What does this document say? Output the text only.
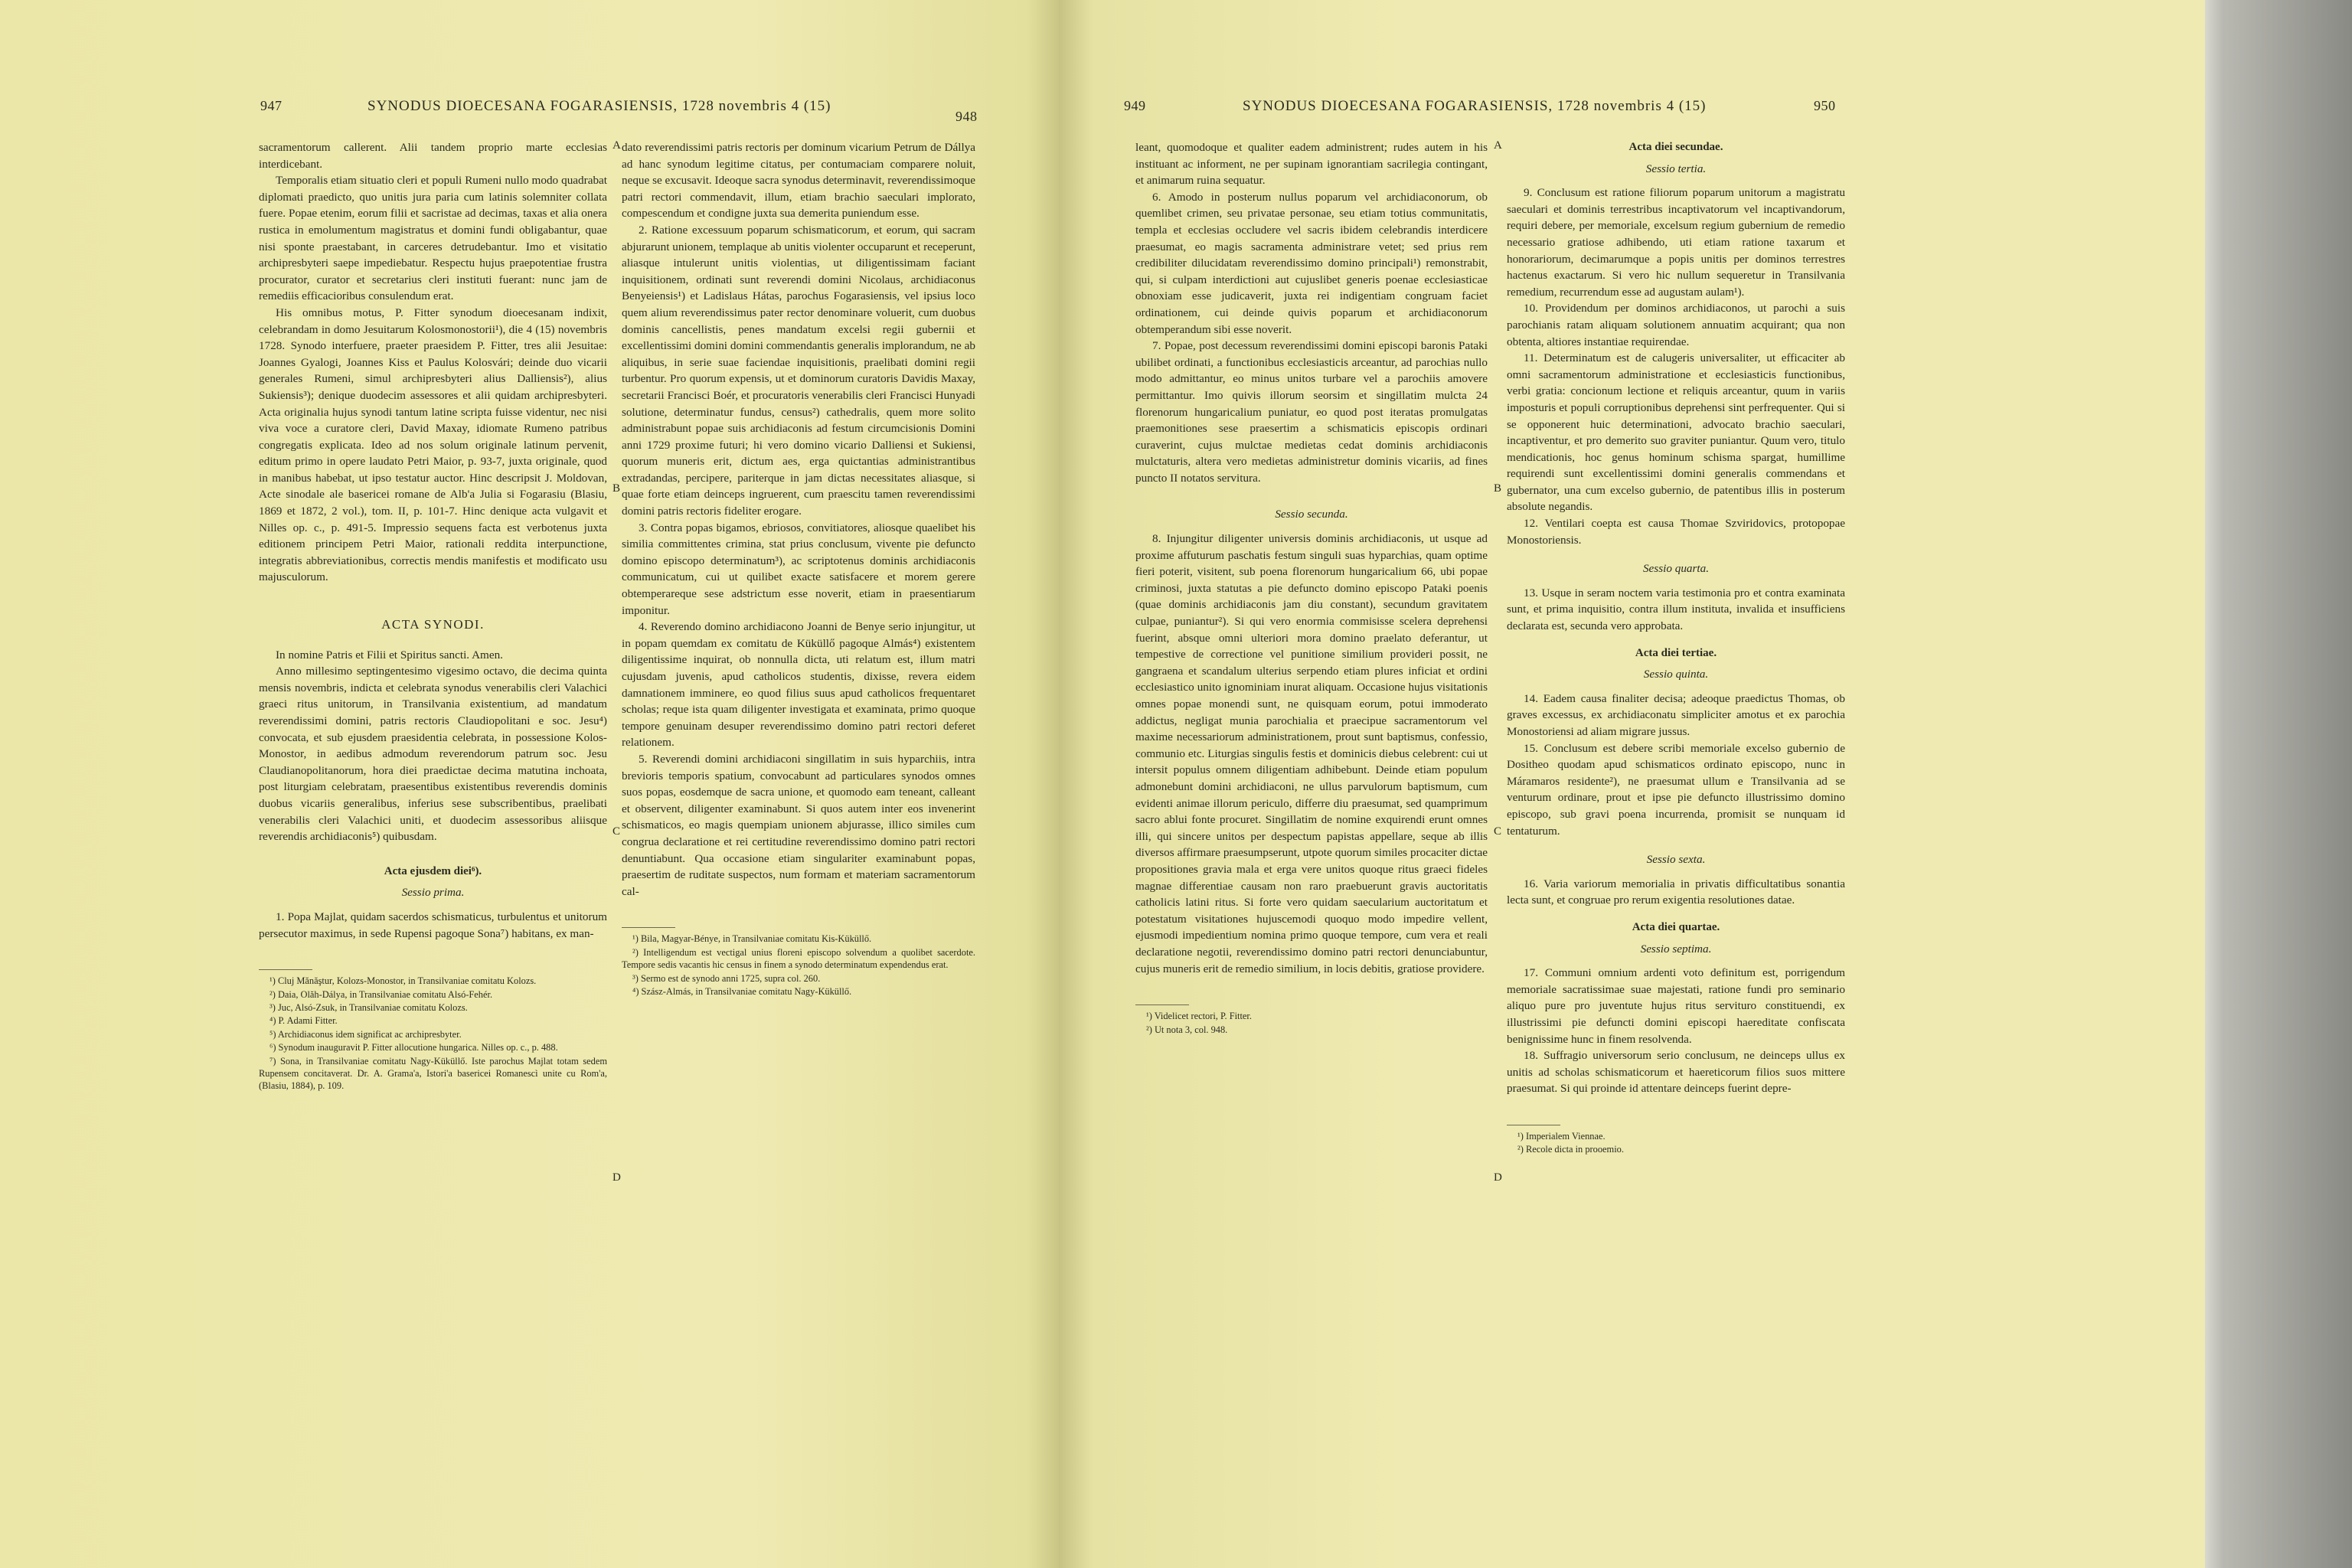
947	SYNODUS DIOECESANA FOGARASIENSIS, 1728 novembris 4 (15)
948

sacramentorum callerent. Alii tandem proprio marte ecclesias interdicebant.

Temporalis etiam situatio cleri et populi Rumeni nullo modo quadrabat diplomati praedicto, quo unitis jura paria cum latinis solemniter collata fuere. Popae etenim, eorum filii et sacristae ad decimas, taxas et alia onera rustica in emolumentum magistratus et domini fundi obligabantur, quae nisi sponte praestabant, in carceres detrudebantur. Imo et visitatio archipresbyteri saepe impediebatur. Respectu hujus praepotentiae frustra procurator, curator et secretarius cleri instituti fuerant: nunc jam de remediis efficacioribus consulendum erat.

His omnibus motus, P. Fitter synodum dioecesanam indixit, celebrandam in domo Jesuitarum Kolosmonostorii¹), die 4 (15) novembris 1728. Synodo interfuere, praeter praesidem P. Fitter, tres alii Jesuitae: Joannes Gyalogi, Joannes Kiss et Paulus Kolosvári; deinde duo vicarii generales Rumeni, simul archipresbyteri alius Dalliensis²), alius Sukiensis³); denique duodecim assessores et alii quidam archipresbyteri. Acta originalia hujus synodi tantum latine scripta fuisse videntur, nec nisi viva voce a curatore cleri, David Maxay, idiomate Rumeno patribus congregatis explicata. Ideo ad nos solum originale latinum pervenit, editum primo in opere laudato Petri Maior, p. 93-7, juxta originale, quod in manibus habebat, ut ipso testatur auctor. Hinc descripsit J. Moldovan, Acte sinodale ale basericei romane de Alb'a Julia si Fogarasiu (Blasiu, 1869 et 1872, 2 vol.), tom. II, p. 101-7. Hinc denique acta vulgavit et Nilles op. c., p. 491-5. Impressio sequens facta est verbotenus juxta editionem principem Petri Maior, rationali reddita interpunctione, integratis abbreviationibus, correctis mendis manifestis et modificato usu majusculorum.

ACTA SYNODI.

In nomine Patris et Filii et Spiritus sancti. Amen.

Anno millesimo septingentesimo vigesimo octavo, die decima quinta mensis novembris, indicta et celebrata synodus venerabilis cleri Valachici graeci ritus unitorum, in Transilvania existentium, ad mandatum reverendissimi domini, patris rectoris Claudiopolitani e soc. Jesu⁴) convocata, et sub ejusdem praesidentia celebrata, in possessione Kolos-Monostor, in aedibus admodum reverendorum patrum soc. Jesu Claudianopolitanorum, hora diei praedictae decima matutina inchoata, post liturgiam celebratam, praesentibus existentibus reverendis dominis duobus vicariis generalibus, inferius sese subscribentibus, praelibati venerabilis cleri Valachici uniti, et duodecim assessoribus aliisque reverendis archidiaconis⁵) quibusdam.

Acta ejusdem diei⁶).
Sessio prima.

1. Popa Majlat, quidam sacerdos schismaticus, turbulentus et unitorum persecutor maximus, in sede Rupensi pagoque Sona⁷) habitans, ex man-

¹) Cluj Mănăştur, Kolozs-Monostor, in Transilvaniae comitatu Kolozs.

²) Daia, Olăh-Dálya, in Transilvaniae comitatu Alsó-Fehér.

³) Juc, Alsó-Zsuk, in Transilvaniae comitatu Kolozs.

⁴) P. Adami Fitter.

⁵) Archidiaconus idem significat ac archipresbyter.

⁶) Synodum inauguravit P. Fitter allocutione hungarica. Nilles op. c., p. 488.

⁷) Sona, in Transilvaniae comitatu Nagy-Küküllő. Iste parochus Majlat totam sedem Rupensem concitaverat. Dr. A. Grama'a, Istori'a basericei Romanescì unite cu Rom'a, (Blasiu, 1884), p. 109.

A
B
C
D

dato reverendissimi patris rectoris per dominum vicarium Petrum de Dállya ad hanc synodum legitime citatus, per contumaciam comparere noluit, neque se excusavit. Ideoque sacra synodus determinavit, reverendissimoque patri rectori commendavit, illum, etiam brachio saeculari implorato, compescendum et condigne juxta sua demerita puniendum esse.

2. Ratione excessuum poparum schismaticorum, et eorum, qui sacram abjurarunt unionem, templaque ab unitis violenter occuparunt et receperunt, aliasque intulerunt unitis violentias, ut diligentissimam faciant inquisitionem, ordinati sunt reverendi domini Nicolaus, archidiaconus Benyeiensis¹) et Ladislaus Hátas, parochus Fogarasiensis, vel ipsius loco quem alium reverendissimus pater rector denominare voluerit, cum duobus dominis cancellistis, penes mandatum excelsi regii gubernii et excellentissimi domini domini commendantis generalis implorandum, ne ab aliquibus, in serie suae faciendae inquisitionis, praelibati domini regii turbentur. Pro quorum expensis, ut et dominorum curatoris Davidis Maxay, secretarii Francisci Boér, et procuratoris venerabilis cleri Francisci Hunyadi solutione, determinatur fundus, census²) cathedralis, quem more solito administrabunt popae suis archidiaconis ad festum circumcisionis Domini anni 1729 proxime futuri; hi vero domino vicario Dalliensi et Sukiensi, quorum muneris erit, dictum aes, erga quictantias administrantibus extradandas, percipere, pariterque in jam dictas necessitates aliasque, si quae forte etiam deinceps ingruerent, cum praescitu tamen reverendissimi domini patris rectoris fideliter erogare.

3. Contra popas bigamos, ebriosos, convitiatores, aliosque quaelibet his similia committentes crimina, stat prius conclusum, vivente pie defuncto domino episcopo determinatum³), ac scriptotenus dominis archidiaconis communicatum, cui ut quilibet exacte satisfacere et morem gerere obtemperareque sese adstrictum esse noverit, etiam in praesentiarum imponitur.

4. Reverendo domino archidiacono Joanni de Benye serio injungitur, ut in popam quemdam ex comitatu de Küküllő pagoque Almás⁴) existentem diligentissime inquirat, ob nonnulla dicta, uti relatum est, illum matri cujusdam juvenis, apud catholicos studentis, dixisse, revera eidem damnationem imminere, eo quod filius suus apud catholicos frequentaret scholas; reque ista quam diligenter investigata et examinata, primo quoque tempore genuinam desuper reverendissimo domino patri rectori deferet relationem.

5. Reverendi domini archidiaconi singillatim in suis hyparchiis, intra brevioris temporis spatium, convocabunt ad particulares synodos omnes suos popas, eosdemque de sacra unione, et quomodo eam teneant, calleant et observent, diligenter examinabunt. Si quos autem inter eos invenerint schismaticos, eo magis quempiam unionem abjurasse, illico similes cum congrua declaratione et rei certitudine reverendissimo domino patri rectori denuntiabunt. Qua occasione etiam singulariter examinabunt popas, praesertim de ruditate suspectos, num formam et materiam sacramentorum cal-

¹) Bila, Magyar-Bénye, in Transilvaniae comitatu Kis-Küküllő.

²) Intelligendum est vectigal unius floreni episcopo solvendum a quolibet sacerdote. Tempore sedis vacantis hic census in finem a synodo determinatum expendendus erat.

³) Sermo est de synodo anni 1725, supra col. 260.

⁴) Szász-Almás, in Transilvaniae comitatu Nagy-Küküllő.

949	SYNODUS DIOECESANA FOGARASIENSIS, 1728 novembris 4 (15)	950

leant, quomodoque et qualiter eadem administrent; rudes autem in his instituant ac informent, ne per supinam ignorantiam sacrilegia contingant, et animarum ruina sequatur.

6. Amodo in posterum nullus poparum vel archidiaconorum, ob quemlibet crimen, seu privatae personae, seu etiam totius communitatis, templa et ecclesias occludere vel sacris ibidem celebrandis interdicere praesumat, eo magis sacramenta administrare vetet; sed prius rem credibiliter dilucidatam reverendissimo domino principali¹) remonstrabit, qui, si culpam interdictioni aut cujuslibet generis poenae ecclesiasticae obnoxiam esse judicaverit, juxta rei indigentiam congruam faciet ordinationem, cui deinde quivis poparum et archidiaconorum obtemperandum sibi esse noverit.

7. Popae, post decessum reverendissimi domini episcopi baronis Pataki ubilibet ordinati, a functionibus ecclesiasticis arceantur, ad parochias nullo modo admittantur, eo minus unitos turbare vel a parochiis amovere permittantur. Imo quivis illorum seorsim et singillatim mulcta 24 florenorum hungaricalium puniatur, eo quod post iteratas promulgatas praemonitiones sese praesertim a schismaticis episcopis ordinari curaverint, cujus mulctae medietas cedat dominis archidiaconis mulctaturis, altera vero medietas administretur dominis vicariis, ad fines puncto II notatos servitura.

Sessio secunda.

8. Injungitur diligenter universis dominis archidiaconis, ut usque ad proxime affuturum paschatis festum singuli suas hyparchias, quam optime fieri poterit, visitent, sub poena florenorum hungaricalium 66, ubi popae criminosi, juxta statutas a pie defuncto domino episcopo Pataki poenis (quae dominis archidiaconis jam diu constant), secundum gravitatem culpae, puniantur²). Si qui vero enormia commisisse scelera deprehensi fuerint, absque omni ulteriori mora domino praelato deferantur, ut tempestive de correctione vel punitione similium provideri possit, ne gangraena et scandalum ulterius serpendo etiam plures inficiat et ordini ecclesiastico unito ignominiam inurat aliquam. Occasione hujus visitationis omnes popae monendi sunt, ne quisquam eorum, potui immoderato addictus, negligat munia parochialia et praecipue sacramentorum vel maxime necessariorum administrationem, prout sunt baptismus, confessio, communio etc. Liturgias singulis festis et dominicis diebus celebrent: cui ut intersit populus omnem diligentiam adhibebunt. Deinde etiam populum admonebunt domini archidiaconi, ne ullus parvulorum baptismum, cum evidenti animae illorum periculo, differre diu praesumat, sed quamprimum sacro ablui fonte procuret. Singillatim de nomine exquirendi erunt omnes illi, qui sincere unitos per despectum papistas appellare, seque ab illis diversos affirmare praesumpserunt, utpote quorum similes procaciter dictae propositiones gravia mala et erga vere unitos quoque ritus graeci fideles magnae differentiae causam non raro praebuerunt gravis auctoritatis catholicis latini ritus. Si forte vero quidam saecularium auctoritatum et potestatum visitationes hujuscemodi quoquo modo impedire vellent, ejusmodi impedientium nomina primo quoque tempore, cum vera et reali declaratione negotii, reverendissimo domino patri rectori denunciabuntur, cujus muneris erit de remedio similium, in locis debitis, gratiose providere.

¹) Videlicet rectori, P. Fitter.

²) Ut nota 3, col. 948.

A
B
C
D
Acta diei secundae.
Sessio tertia.

9. Conclusum est ratione filiorum poparum unitorum a magistratu saeculari et dominis terrestribus incaptivatorum vel incaptivandorum, requiri debere, per memoriale, excelsum regium gubernium de remedio necessario gratiose adhibendo, uti etiam ratione taxarum et honorariorum, decimarumque a popis unitis per dominos terrestres hactenus exactarum. Si vero hic nullum sequeretur in Transilvania remedium, recurrendum esse ad augustam aulam¹).

10. Providendum per dominos archidiaconos, ut parochi a suis parochianis ratam aliquam solutionem annuatim acquirant; qua non obtenta, altiores instantiae requirendae.

11. Determinatum est de calugeris universaliter, ut efficaciter ab omni sacramentorum administratione et ecclesiasticis functionibus, verbi gratia: concionum lectione et reliquis arceantur, quum in variis imposturis et populi corruptionibus deprehensi sint perfrequenter. Qui si se opponerent huic determinationi, advocato brachio saeculari, incaptiventur, et pro demerito suo graviter puniantur. Quum vero, titulo mendicationis, hoc genus hominum schisma spargat, humillime requirendi sunt excellentissimi domini generalis commendans et gubernator, una cum excelso gubernio, de patentibus illis in posterum absolute negandis.

12. Ventilari coepta est causa Thomae Szviridovics, protopopae Monostoriensis.

Sessio quarta.

13. Usque in seram noctem varia testimonia pro et contra examinata sunt, et prima inquisitio, contra illum instituta, invalida et insufficiens declarata est, secunda vero approbata.

Acta diei tertiae.
Sessio quinta.

14. Eadem causa finaliter decisa; adeoque praedictus Thomas, ob graves excessus, ex archidiaconatu simpliciter amotus et ex parochia Monostoriensi ad aliam migrare jussus.

15. Conclusum est debere scribi memoriale excelso gubernio de Dositheo quodam apud schismaticos ordinato episcopo, nunc in Máramaros residente²), ne praesumat ullum e Transilvania ad se venturum ordinare, prout et ipse pie defuncto illustrissimo domino episcopo, sub gravi poena incurrenda, promisit se nunquam id tentaturum.

Sessio sexta.

16. Varia variorum memorialia in privatis difficultatibus sonantia lecta sunt, et congruae pro rerum exigentia resolutiones datae.

Acta diei quartae.
Sessio septima.

17. Communi omnium ardenti voto definitum est, porrigendum memoriale sacratissimae suae majestati, ratione fundi pro seminario aliquo pure pro juventute hujus ritus servituro constituendi, ex illustrissimi pie defuncti domini episcopi haereditate confiscata benignissime hunc in finem resolvenda.

18. Suffragio universorum serio conclusum, ne deinceps ullus ex unitis ad scholas schismaticorum et haereticorum filios suos mittere praesumat. Si qui proinde id attentare deinceps fuerint depre-

¹) Imperialem Viennae.

²) Recole dicta in prooemio.
